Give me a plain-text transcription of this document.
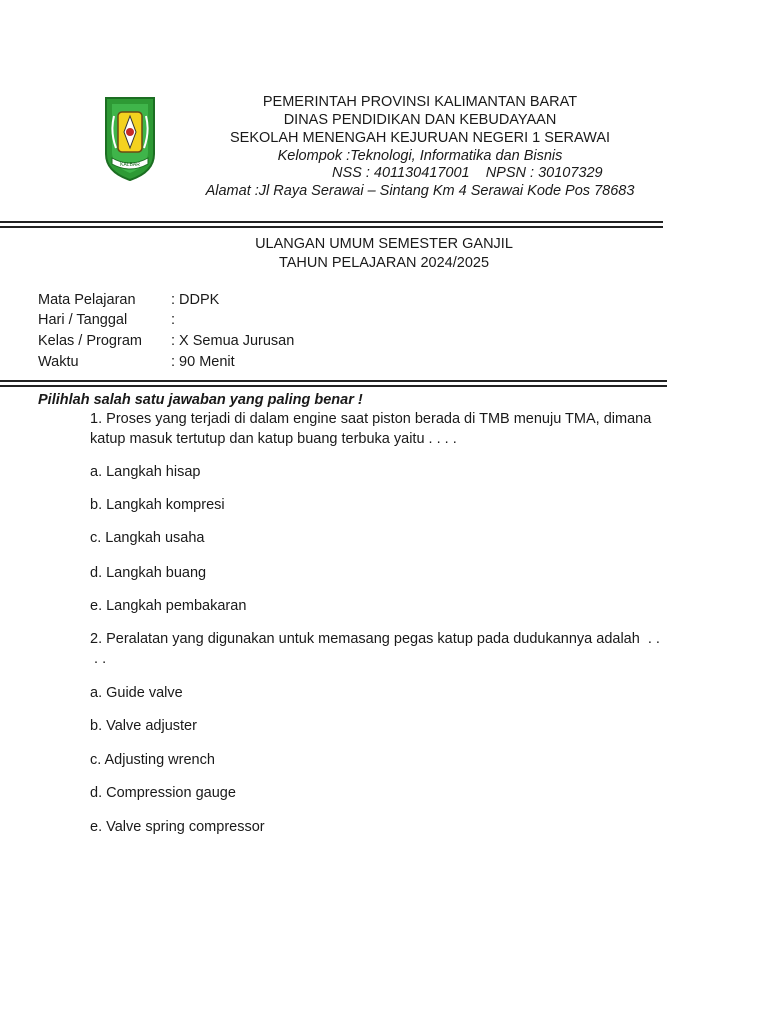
KALBAR
PEMERINTAH PROVINSI KALIMANTAN BARAT
DINAS PENDIDIKAN DAN KEBUDAYAAN
SEKOLAH MENENGAH KEJURUAN NEGERI 1 SERAWAI
Kelompok :Teknologi, Informatika dan Bisnis
NSS : 401130417001    NPSN : 30107329
Alamat :Jl Raya Serawai – Sintang Km 4 Serawai Kode Pos 78683
ULANGAN UMUM SEMESTER GANJIL
TAHUN PELAJARAN 2024/2025
Mata Pelajaran : DDPK
Hari / Tanggal	:
Kelas / Program : X Semua Jurusan
Waktu	: 90 Menit
Pilihlah salah satu jawaban yang paling benar !
1. Proses yang terjadi di dalam engine saat piston berada di TMB menuju TMA, dimana
katup masuk tertutup dan katup buang terbuka yaitu . . . .
a. Langkah hisap
b. Langkah kompresi
c. Langkah usaha
d. Langkah buang
e. Langkah pembakaran
2. Peralatan yang digunakan untuk memasang pegas katup pada dudukannya adalah  . .
. .
a. Guide valve
b. Valve adjuster
c. Adjusting wrench
d. Compression gauge
e. Valve spring compressor
